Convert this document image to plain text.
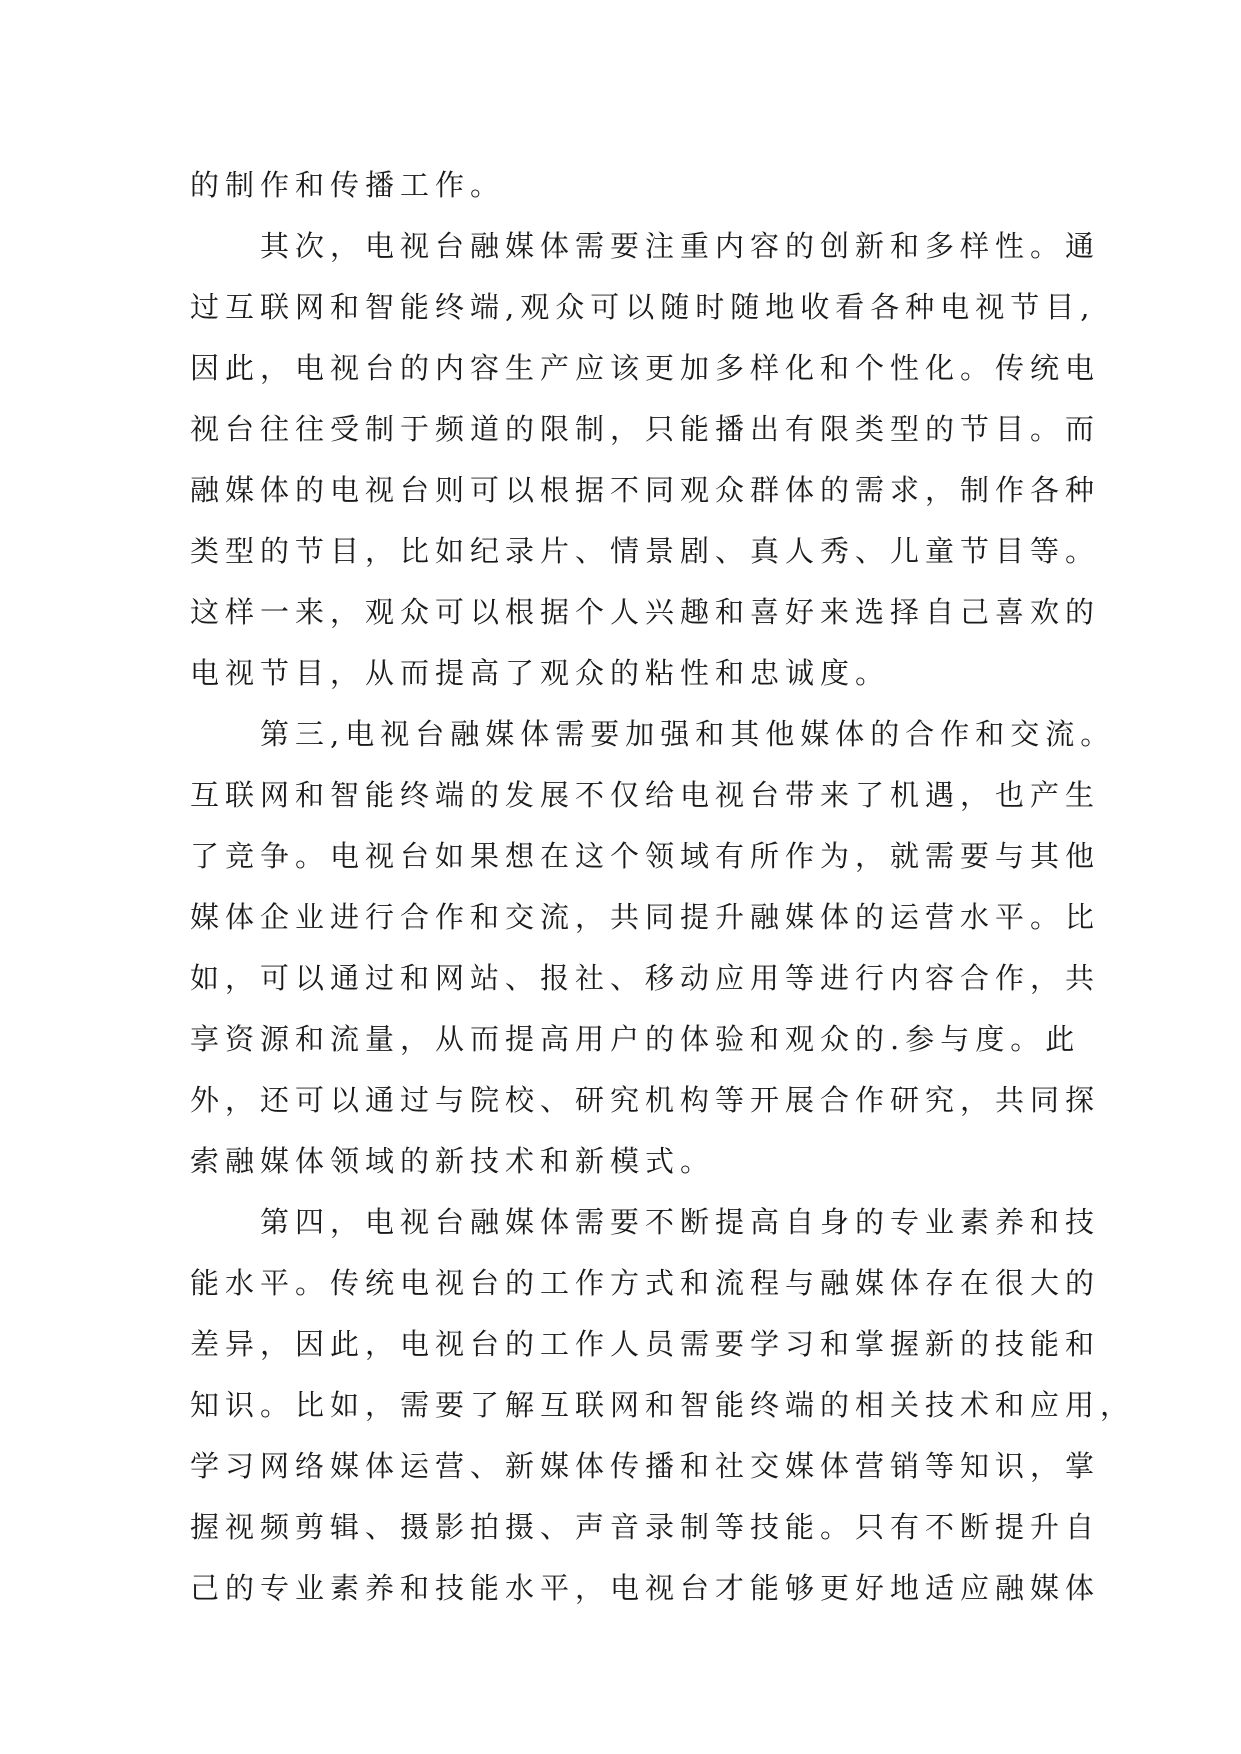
的制作和传播工作。
　　其次，电视台融媒体需要注重内容的创新和多样性。通
过互联网和智能终端,观众可以随时随地收看各种电视节目,
因此，电视台的内容生产应该更加多样化和个性化。传统电
视台往往受制于频道的限制，只能播出有限类型的节目。而
融媒体的电视台则可以根据不同观众群体的需求，制作各种
类型的节目，比如纪录片、情景剧、真人秀、儿童节目等。
这样一来，观众可以根据个人兴趣和喜好来选择自己喜欢的
电视节目，从而提高了观众的粘性和忠诚度。
　　第三,电视台融媒体需要加强和其他媒体的合作和交流。
互联网和智能终端的发展不仅给电视台带来了机遇，也产生
了竞争。电视台如果想在这个领域有所作为，就需要与其他
媒体企业进行合作和交流，共同提升融媒体的运营水平。比
如，可以通过和网站、报社、移动应用等进行内容合作，共
享资源和流量，从而提高用户的体验和观众的.参与度。此
外，还可以通过与院校、研究机构等开展合作研究，共同探
索融媒体领域的新技术和新模式。
　　第四，电视台融媒体需要不断提高自身的专业素养和技
能水平。传统电视台的工作方式和流程与融媒体存在很大的
差异，因此，电视台的工作人员需要学习和掌握新的技能和
知识。比如，需要了解互联网和智能终端的相关技术和应用，
学习网络媒体运营、新媒体传播和社交媒体营销等知识，掌
握视频剪辑、摄影拍摄、声音录制等技能。只有不断提升自
己的专业素养和技能水平，电视台才能够更好地适应融媒体
